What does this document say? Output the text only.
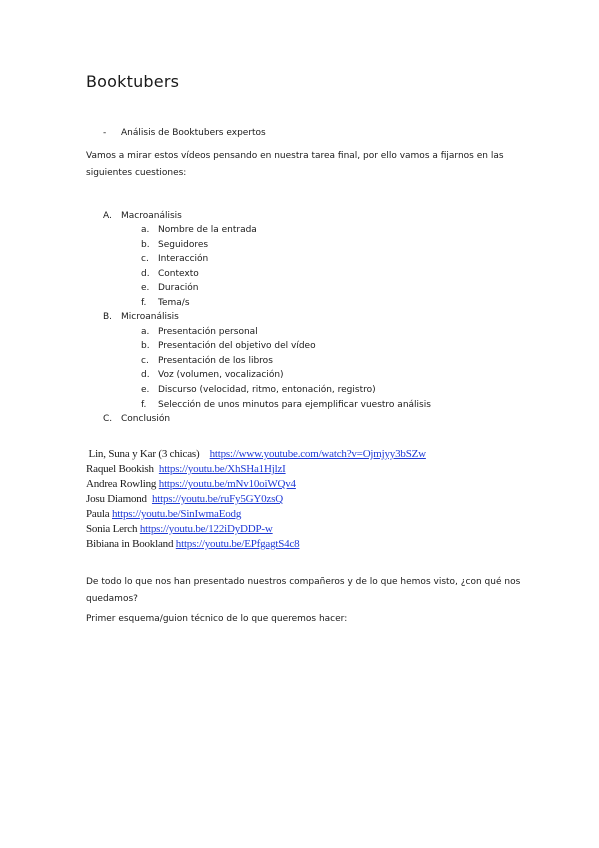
Booktubers
- Análisis de Booktubers expertos
Vamos a mirar estos vídeos pensando en nuestra tarea final, por ello vamos a fijarnos en las siguientes cuestiones:
A. Macroanálisis
a. Nombre de la entrada
b. Seguidores
c. Interacción
d. Contexto
e. Duración
f. Tema/s
B. Microanálisis
a. Presentación personal
b. Presentación del objetivo del vídeo
c. Presentación de los libros
d. Voz (volumen, vocalización)
e. Discurso (velocidad, ritmo, entonación, registro)
f. Selección de unos minutos para ejemplificar vuestro análisis
C. Conclusión
Lin, Suna y Kar (3 chicas)    https://www.youtube.com/watch?v=Ojmjyy3bSZw
Raquel Bookish  https://youtu.be/XhSHa1HjlzI
Andrea Rowling https://youtu.be/mNv10oiWQv4
Josu Diamond  https://youtu.be/ruFy5GY0zsQ
Paula https://youtu.be/SinIwmaEodg
Sonia Lerch https://youtu.be/122iDyDDP-w
Bibiana in Bookland https://youtu.be/EPfgagtS4c8
De todo lo que nos han presentado nuestros compañeros y de lo que hemos visto, ¿con qué nos quedamos?
Primer esquema/guion técnico de lo que queremos hacer:
